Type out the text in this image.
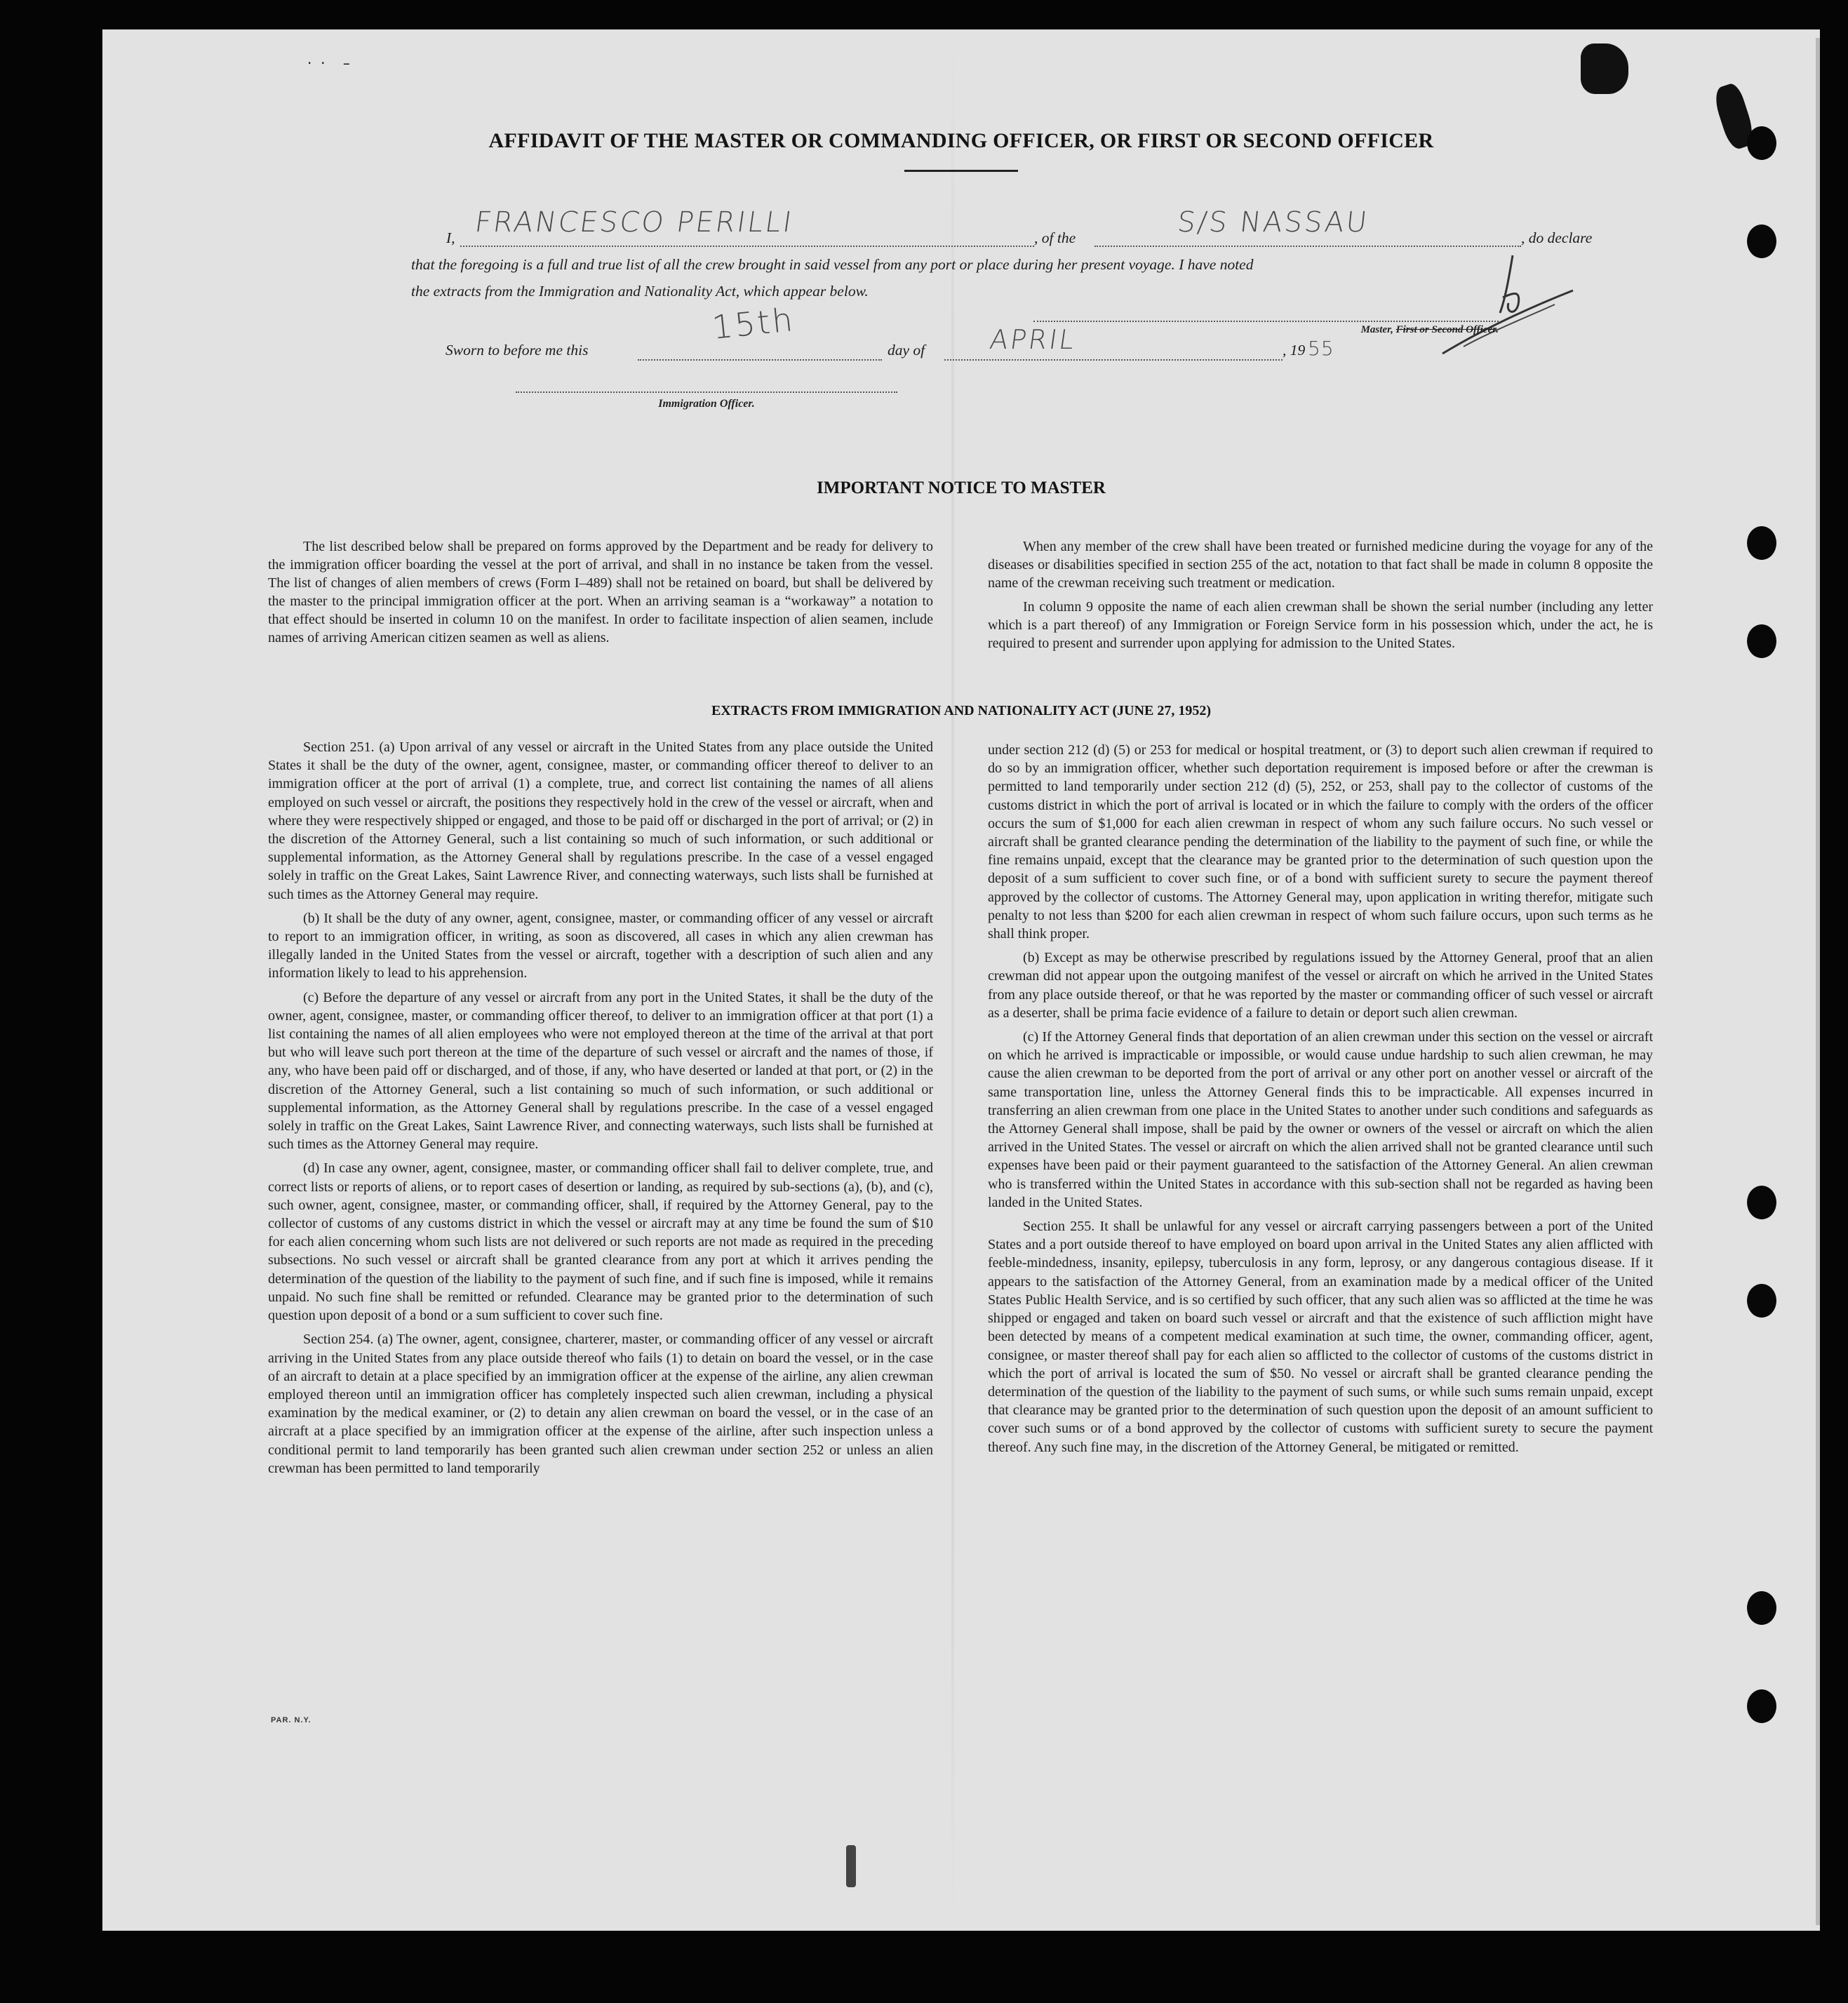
·  ·    –
AFFIDAVIT OF THE MASTER OR COMMANDING OFFICER, OR FIRST OR SECOND OFFICER
I, FRANCESCO PERILLI	, of the	S/S NASSAU	, do declare
that the foregoing is a full and true list of all the crew brought in said vessel from any port or place during her present voyage. I have noted
the extracts from the Immigration and Nationality Act, which appear below.
Master, First or Second Officer.
Sworn to before me this
15th
day of APRIL	, 19 55
Immigration Officer.
IMPORTANT NOTICE TO MASTER

The list described below shall be prepared on forms approved by the Department and be ready for delivery to the immigration officer boarding the vessel at the port of arrival, and shall in no instance be taken from the vessel. The list of changes of alien members of crews (Form I–489) shall not be retained on board, but shall be delivered by the master to the principal immigration officer at the port. When an arriving seaman is a “workaway” a notation to that effect should be inserted in column 10 on the manifest. In order to facilitate inspection of alien seamen, include names of arriving American citizen seamen as well as aliens.

When any member of the crew shall have been treated or furnished medicine during the voyage for any of the diseases or disabilities specified in section 255 of the act, notation to that fact shall be made in column 8 opposite the name of the crewman receiving such treatment or medication.

In column 9 opposite the name of each alien crewman shall be shown the serial number (including any letter which is a part thereof) of any Immigration or Foreign Service form in his possession which, under the act, he is required to present and surrender upon applying for admission to the United States.

EXTRACTS FROM IMMIGRATION AND NATIONALITY ACT (JUNE 27, 1952)

Section 251. (a) Upon arrival of any vessel or aircraft in the United States from any place outside the United States it shall be the duty of the owner, agent, consignee, master, or commanding officer thereof to deliver to an immigration officer at the port of arrival (1) a complete, true, and correct list containing the names of all aliens employed on such vessel or aircraft, the positions they respectively hold in the crew of the vessel or aircraft, when and where they were respectively shipped or engaged, and those to be paid off or discharged in the port of arrival; or (2) in the discretion of the Attorney General, such a list containing so much of such information, or such additional or supplemental information, as the Attorney General shall by regulations prescribe. In the case of a vessel engaged solely in traffic on the Great Lakes, Saint Lawrence River, and connecting waterways, such lists shall be furnished at such times as the Attorney General may require.

(b) It shall be the duty of any owner, agent, consignee, master, or commanding officer of any vessel or aircraft to report to an immigration officer, in writing, as soon as discovered, all cases in which any alien crewman has illegally landed in the United States from the vessel or aircraft, together with a description of such alien and any information likely to lead to his apprehension.

(c) Before the departure of any vessel or aircraft from any port in the United States, it shall be the duty of the owner, agent, consignee, master, or commanding officer thereof, to deliver to an immigration officer at that port (1) a list containing the names of all alien employees who were not employed thereon at the time of the arrival at that port but who will leave such port thereon at the time of the departure of such vessel or aircraft and the names of those, if any, who have been paid off or discharged, and of those, if any, who have deserted or landed at that port, or (2) in the discretion of the Attorney General, such a list containing so much of such information, or such additional or supplemental information, as the Attorney General shall by regulations prescribe. In the case of a vessel engaged solely in traffic on the Great Lakes, Saint Lawrence River, and connecting waterways, such lists shall be furnished at such times as the Attorney General may require.

(d) In case any owner, agent, consignee, master, or commanding officer shall fail to deliver complete, true, and correct lists or reports of aliens, or to report cases of desertion or landing, as required by sub-sections (a), (b), and (c), such owner, agent, consignee, master, or commanding officer, shall, if required by the Attorney General, pay to the collector of customs of any customs district in which the vessel or aircraft may at any time be found the sum of $10 for each alien concerning whom such lists are not delivered or such reports are not made as required in the preceding subsections. No such vessel or aircraft shall be granted clearance from any port at which it arrives pending the determination of the question of the liability to the payment of such fine, and if such fine is imposed, while it remains unpaid. No such fine shall be remitted or refunded. Clearance may be granted prior to the determination of such question upon deposit of a bond or a sum sufficient to cover such fine.

Section 254. (a) The owner, agent, consignee, charterer, master, or commanding officer of any vessel or aircraft arriving in the United States from any place outside thereof who fails (1) to detain on board the vessel, or in the case of an aircraft to detain at a place specified by an immigration officer at the expense of the airline, any alien crewman employed thereon until an immigration officer has completely inspected such alien crewman, including a physical examination by the medical examiner, or (2) to detain any alien crewman on board the vessel, or in the case of an aircraft at a place specified by an immigration officer at the expense of the airline, after such inspection unless a conditional permit to land temporarily has been granted such alien crewman under section 252 or unless an alien crewman has been permitted to land temporarily

under section 212 (d) (5) or 253 for medical or hospital treatment, or (3) to deport such alien crewman if required to do so by an immigration officer, whether such deportation requirement is imposed before or after the crewman is permitted to land temporarily under section 212 (d) (5), 252, or 253, shall pay to the collector of customs of the customs district in which the port of arrival is located or in which the failure to comply with the orders of the officer occurs the sum of $1,000 for each alien crewman in respect of whom any such failure occurs. No such vessel or aircraft shall be granted clearance pending the determination of the liability to the payment of such fine, or while the fine remains unpaid, except that the clearance may be granted prior to the determination of such question upon the deposit of a sum sufficient to cover such fine, or of a bond with sufficient surety to secure the payment thereof approved by the collector of customs. The Attorney General may, upon application in writing therefor, mitigate such penalty to not less than $200 for each alien crewman in respect of whom such failure occurs, upon such terms as he shall think proper.

(b) Except as may be otherwise prescribed by regulations issued by the Attorney General, proof that an alien crewman did not appear upon the outgoing manifest of the vessel or aircraft on which he arrived in the United States from any place outside thereof, or that he was reported by the master or commanding officer of such vessel or aircraft as a deserter, shall be prima facie evidence of a failure to detain or deport such alien crewman.

(c) If the Attorney General finds that deportation of an alien crewman under this section on the vessel or aircraft on which he arrived is impracticable or impossible, or would cause undue hardship to such alien crewman, he may cause the alien crewman to be deported from the port of arrival or any other port on another vessel or aircraft of the same transportation line, unless the Attorney General finds this to be impracticable. All expenses incurred in transferring an alien crewman from one place in the United States to another under such conditions and safeguards as the Attorney General shall impose, shall be paid by the owner or owners of the vessel or aircraft on which the alien arrived in the United States. The vessel or aircraft on which the alien arrived shall not be granted clearance until such expenses have been paid or their payment guaranteed to the satisfaction of the Attorney General. An alien crewman who is transferred within the United States in accordance with this sub-section shall not be regarded as having been landed in the United States.

Section 255. It shall be unlawful for any vessel or aircraft carrying passengers between a port of the United States and a port outside thereof to have employed on board upon arrival in the United States any alien afflicted with feeble-mindedness, insanity, epilepsy, tuberculosis in any form, leprosy, or any dangerous contagious disease. If it appears to the satisfaction of the Attorney General, from an examination made by a medical officer of the United States Public Health Service, and is so certified by such officer, that any such alien was so afflicted at the time he was shipped or engaged and taken on board such vessel or aircraft and that the existence of such affliction might have been detected by means of a competent medical examination at such time, the owner, commanding officer, agent, consignee, or master thereof shall pay for each alien so afflicted to the collector of customs of the customs district in which the port of arrival is located the sum of $50. No vessel or aircraft shall be granted clearance pending the determination of the question of the liability to the payment of such sums, or while such sums remain unpaid, except that clearance may be granted prior to the determination of such question upon the deposit of an amount sufficient to cover such sums or of a bond approved by the collector of customs with sufficient surety to secure the payment thereof. Any such fine may, in the discretion of the Attorney General, be mitigated or remitted.

PAR. N.Y.
